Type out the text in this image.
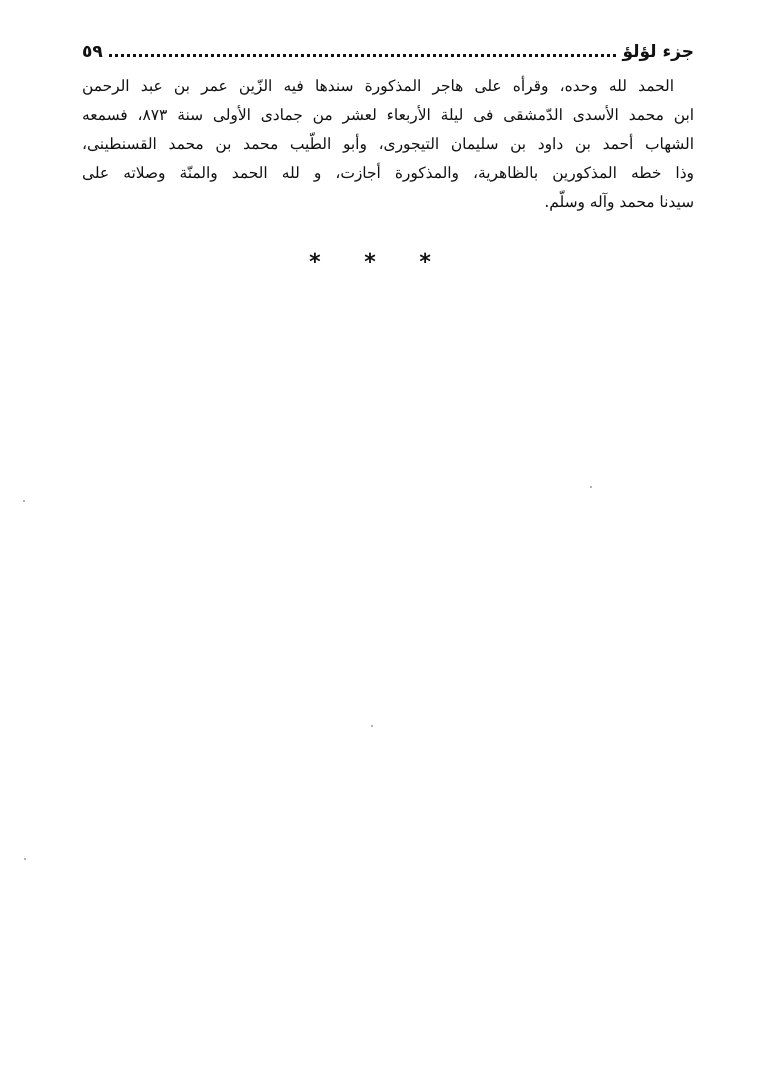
جزء لؤلؤ
٥٩
الحمد لله وحده، وقرأه على هاجر المذكورة سندها فيه الزّين عمر بن عبد الرحمن
ابن محمد الأسدى الدّمشقى فى ليلة الأربعاء لعشر من جمادى الأولى سنة ٨٧٣، فسمعه
الشهاب أحمد بن داود بن سليمان التيجورى، وأبو الطّيب محمد بن محمد القسنطينى،
وذا خطه المذكورين بالظاهرية، والمذكورة أجازت، و لله الحمد والمنّة وصلاته على
سيدنا محمد وآله وسلّم.
* * *
